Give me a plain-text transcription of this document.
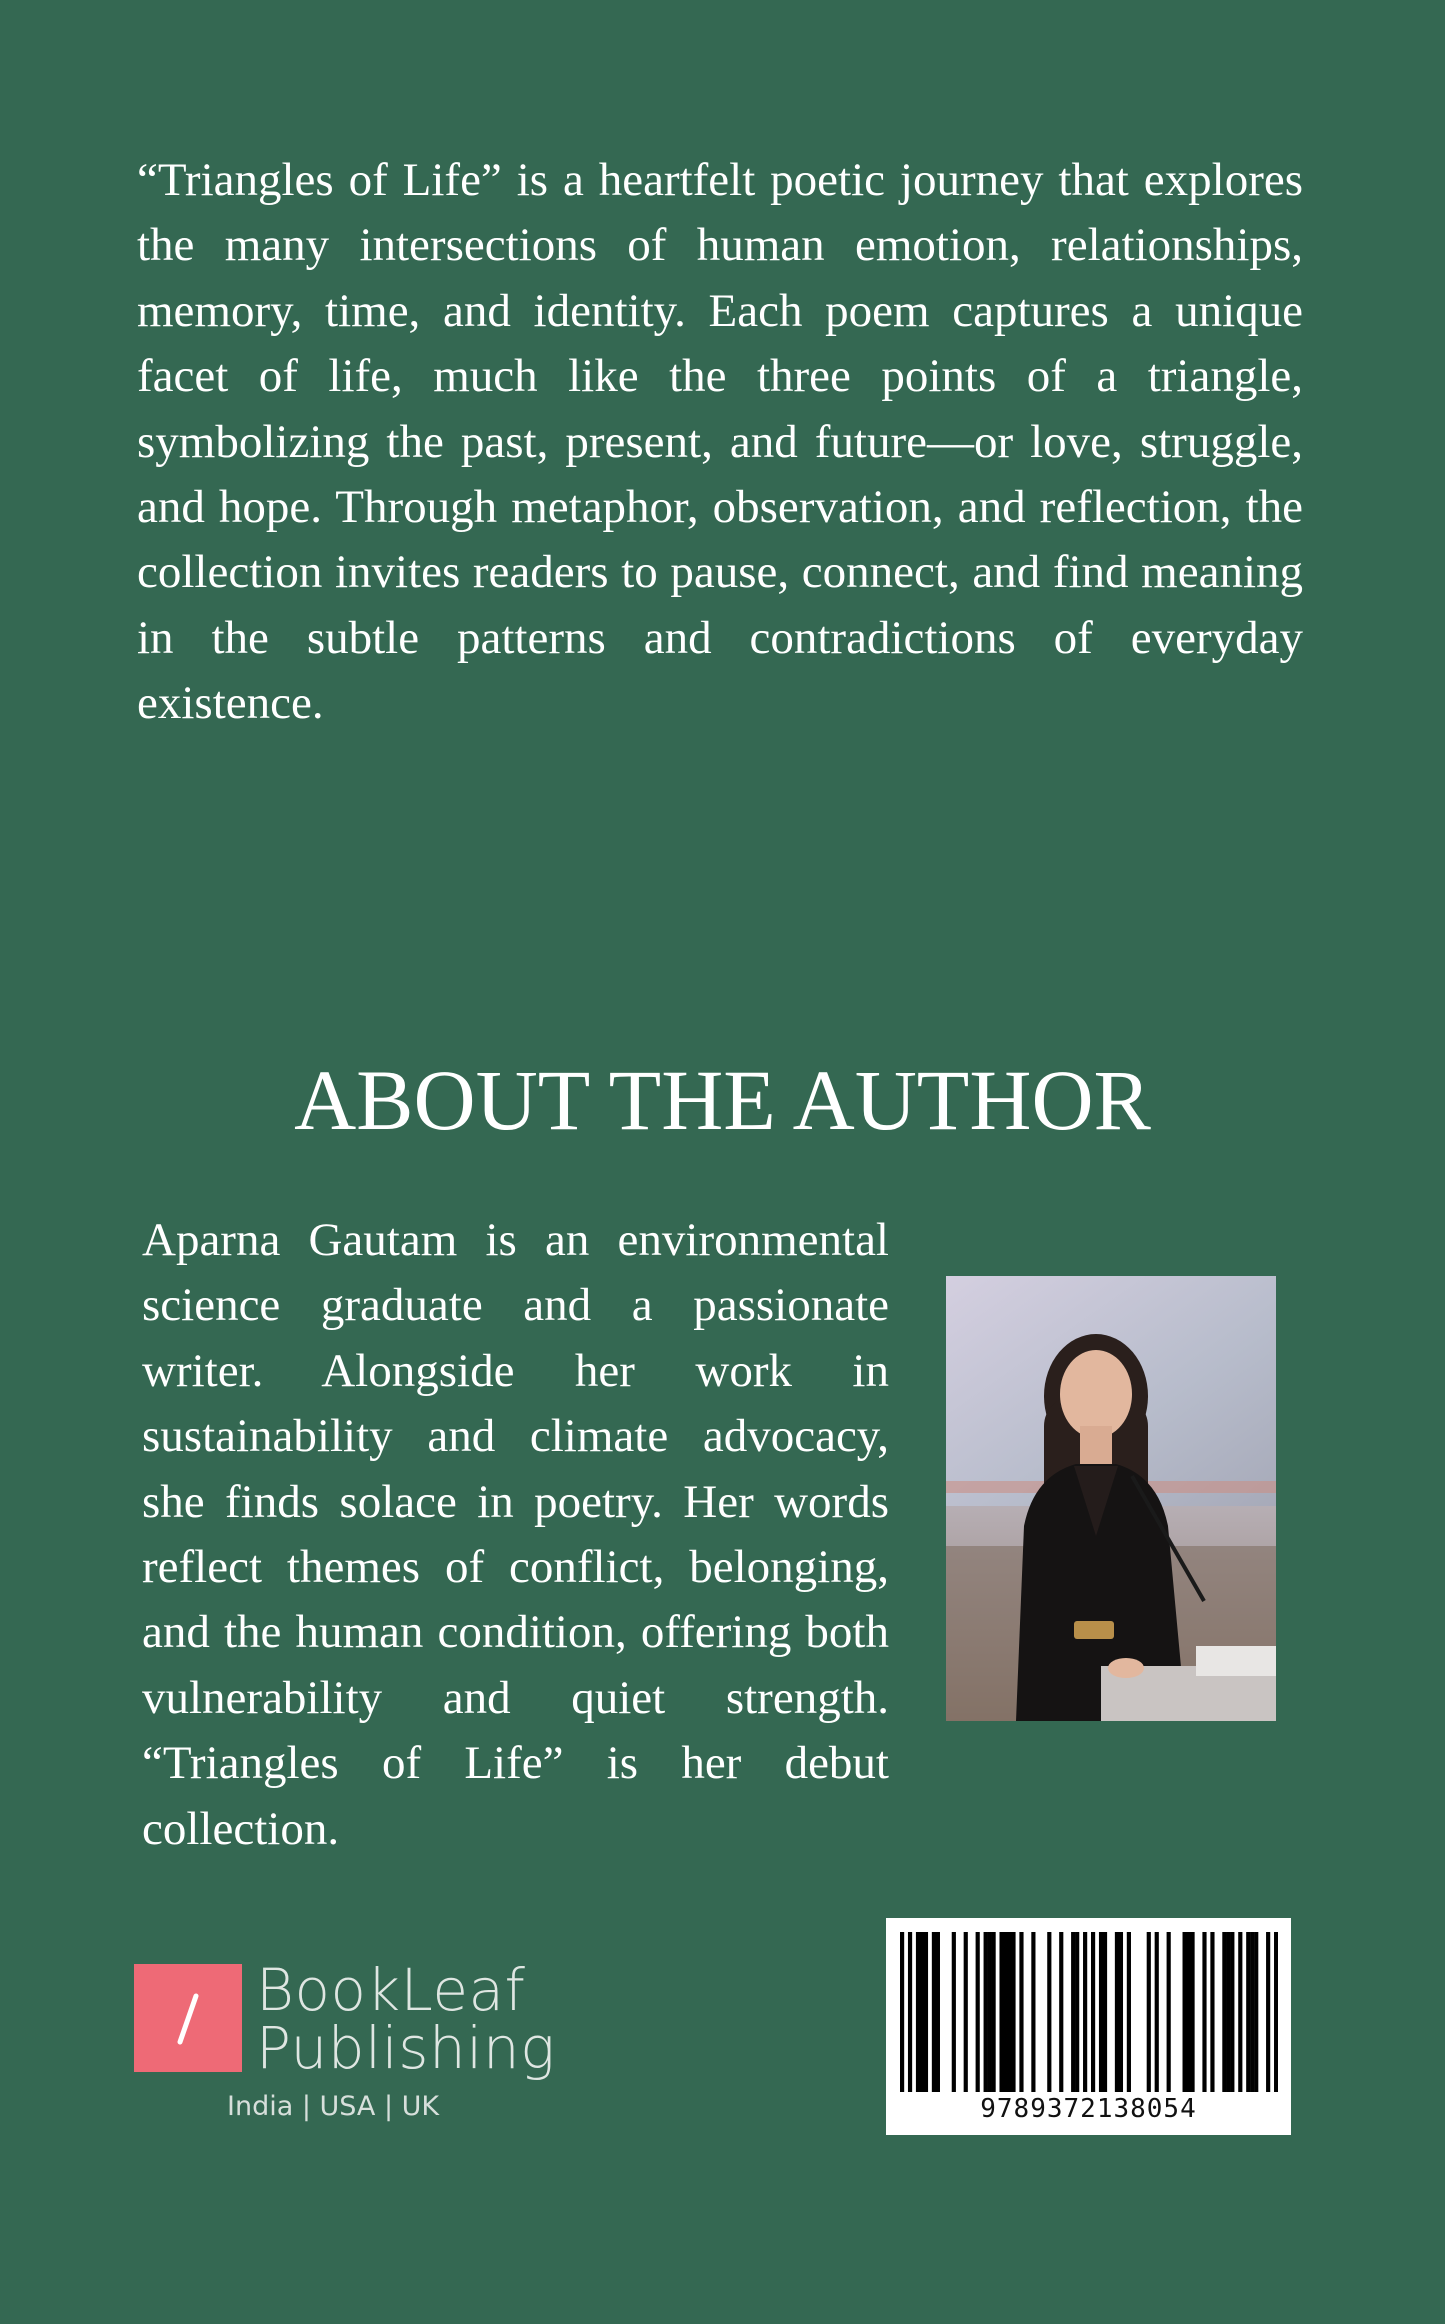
“Triangles of Life” is a heartfelt poetic journey that explores the many intersections of human emotion, relationships, memory, time, and identity. Each poem captures a unique facet of life, much like the three points of a triangle, symbolizing the past, present, and future—or love, struggle, and hope. Through metaphor, observation, and reflection, the collection invites readers to pause, connect, and find meaning in the subtle patterns and contradictions of everyday existence.

ABOUT THE AUTHOR

Aparna Gautam is an environmental science graduate and a passionate writer. Alongside her work in sustainability and climate advocacy, she finds solace in poetry. Her words reflect themes of conflict, belonging, and the human condition, offering both vulnerability and quiet strength. “Triangles of Life” is her debut collection.

BookLeaf
Publishing
India | USA | UK	9789372138054
